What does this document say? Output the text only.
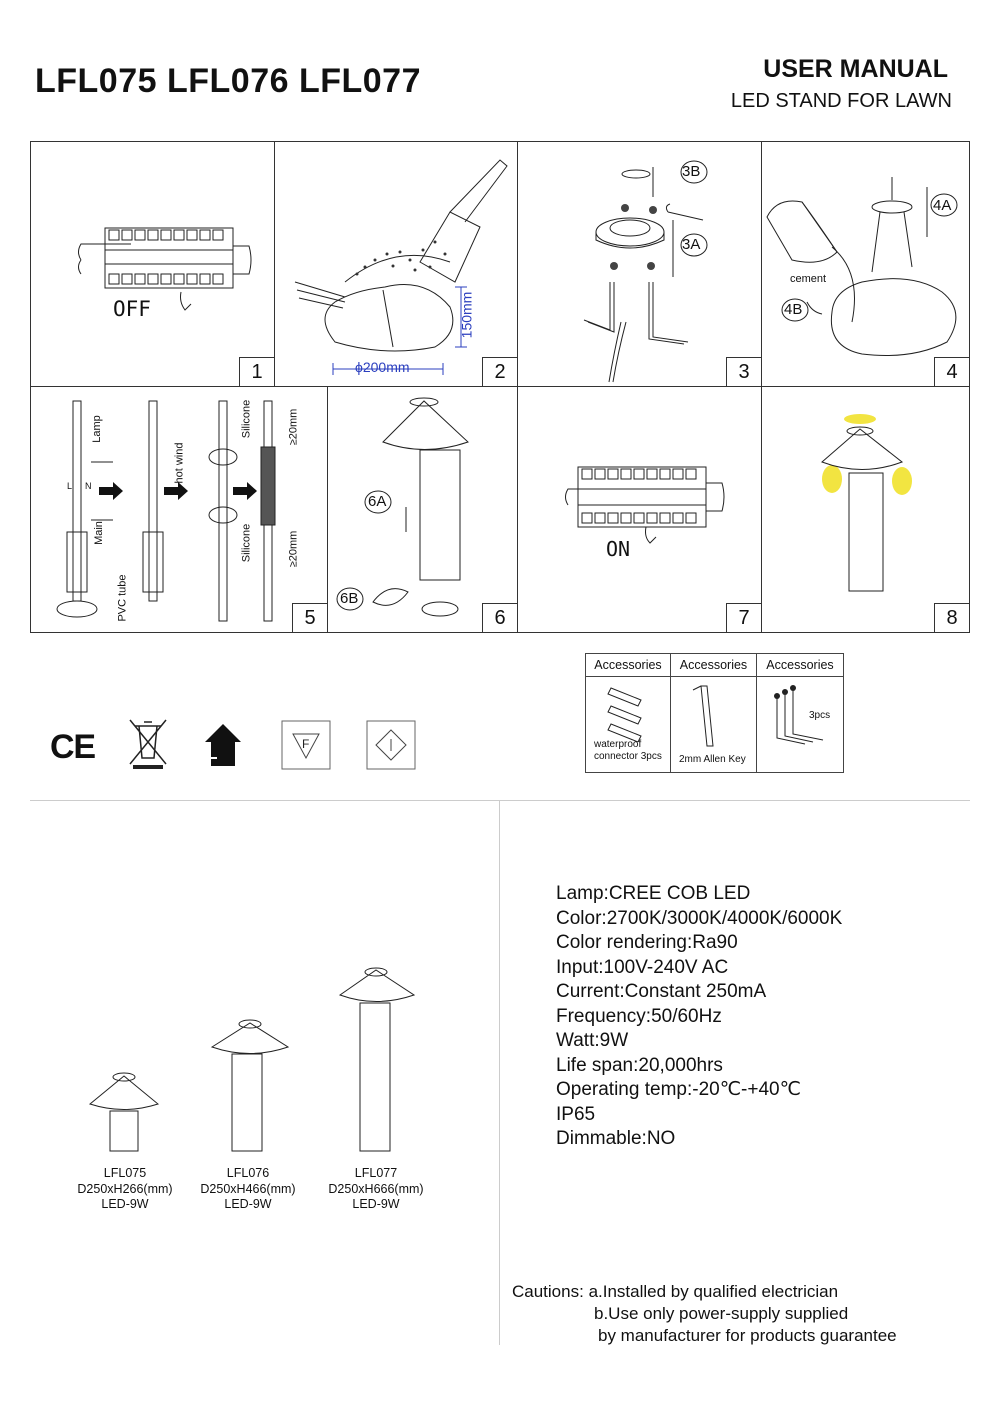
LFL075 LFL076 LFL077	USER MANUAL
LED STAND FOR LAWN
OFF
1	ϕ200mm
150mm
2
3B
3A
3
4A
4B
cement
4
Lamp
Main
PVC tube
hot wind
Silicone
Silicone
≥20mm
≥20mm
L N
5
6A
6B
6
ON
7	8
Accessories
waterproof connector 3pcs
Accessories
2mm Allen Key
Accessories
3pcs
C E	F
LFL075
D250xH266(mm)
LED-9W
LFL076
D250xH466(mm)
LED-9W
LFL077
D250xH666(mm)
LED-9W
Lamp:CREE COB LED
Color:2700K/3000K/4000K/6000K
Color rendering:Ra90
Input:100V-240V AC
Current:Constant 250mA
Frequency:50/60Hz
Watt:9W
Life span:20,000hrs
Operating temp:-20℃-+40℃
IP65
Dimmable:NO
Cautions: a.Installed by qualified electrician
b.Use only power-supply supplied
by manufacturer for products guarantee
